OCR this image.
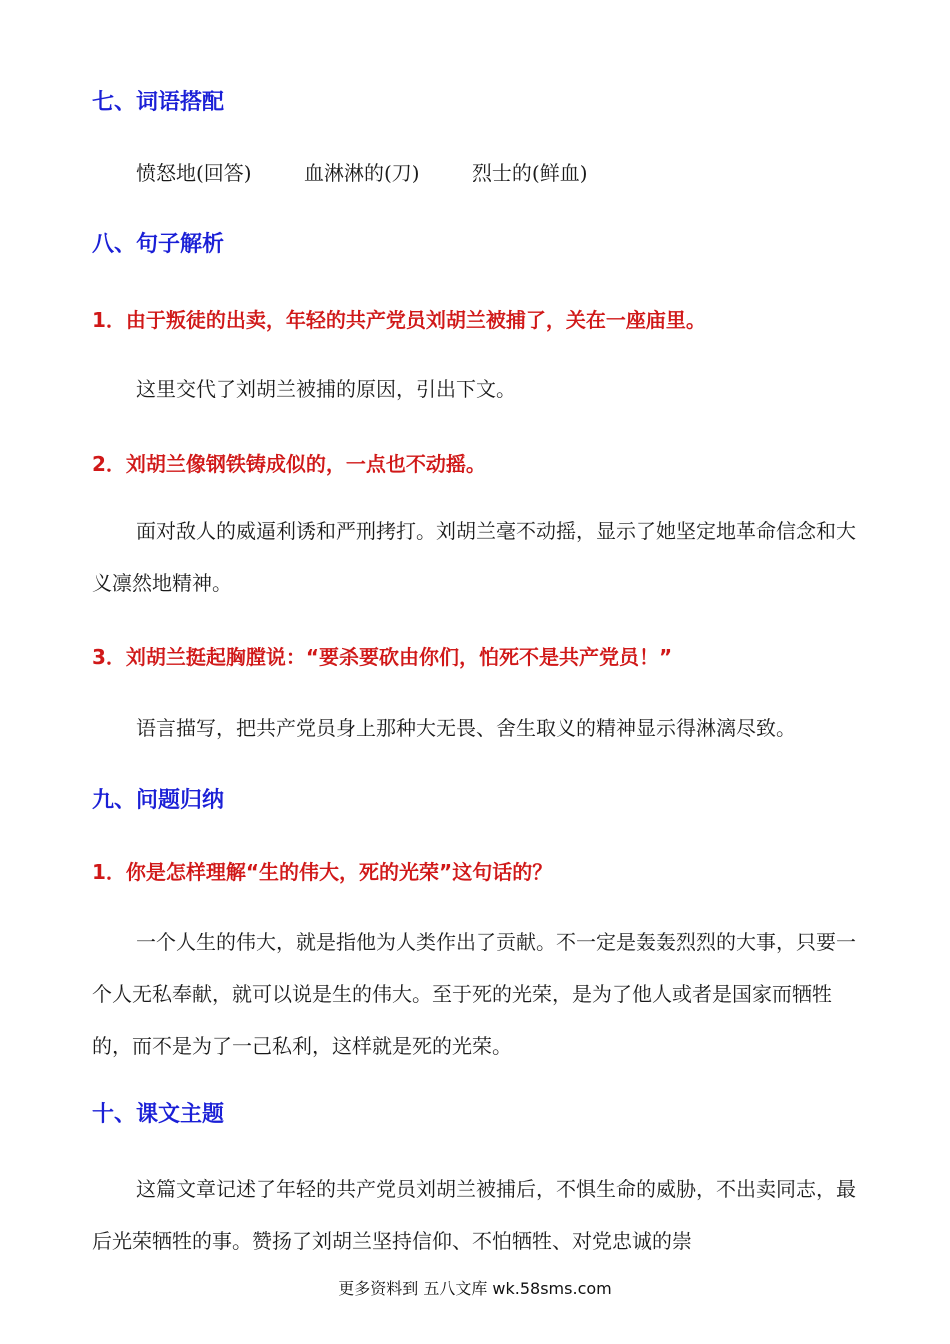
七、词语搭配
愤怒地(回答)	血淋淋的(刀)	烈士的(鲜血)
八、句子解析
1．由于叛徒的出卖，年轻的共产党员刘胡兰被捕了，关在一座庙里。

这里交代了刘胡兰被捕的原因，引出下文。

2．刘胡兰像钢铁铸成似的，一点也不动摇。

面对敌人的威逼利诱和严刑拷打。刘胡兰毫不动摇，显示了她坚定地革命信念和大义凛然地精神。

3．刘胡兰挺起胸膛说：“要杀要砍由你们，怕死不是共产党员！”

语言描写，把共产党员身上那种大无畏、舍生取义的精神显示得淋漓尽致。

九、问题归纳
1．你是怎样理解“生的伟大，死的光荣”这句话的？

一个人生的伟大，就是指他为人类作出了贡献。不一定是轰轰烈烈的大事，只要一个人无私奉献，就可以说是生的伟大。至于死的光荣，是为了他人或者是国家而牺牲的，而不是为了一己私利，这样就是死的光荣。

十、课文主题

这篇文章记述了年轻的共产党员刘胡兰被捕后，不惧生命的威胁，不出卖同志，最后光荣牺牲的事。赞扬了刘胡兰坚持信仰、不怕牺牲、对党忠诚的崇

更多资料到 五八文库 wk.58sms.com
